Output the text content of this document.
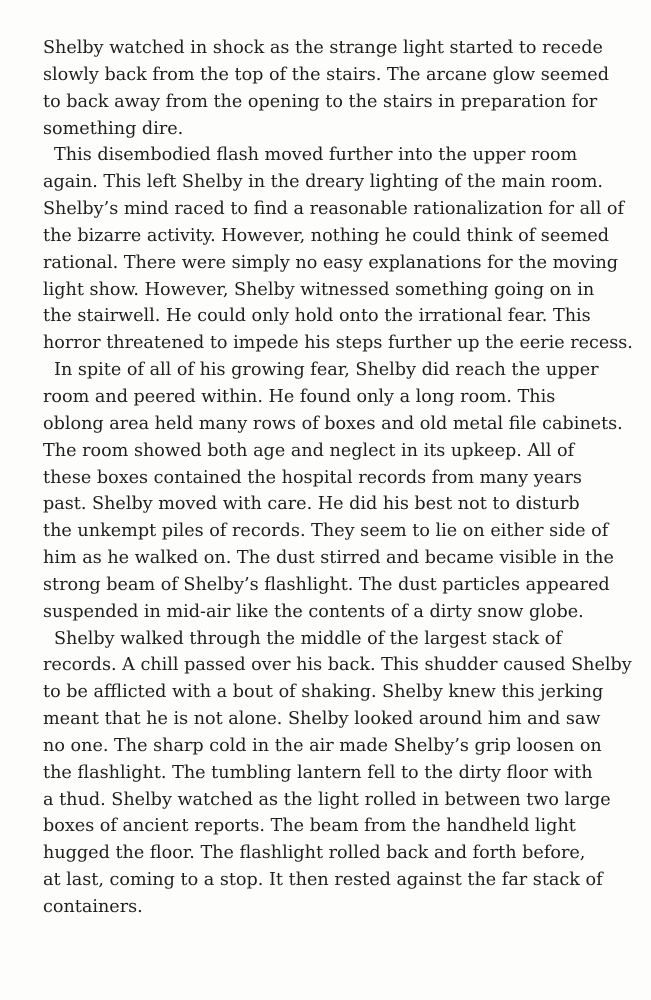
Shelby watched in shock as the strange light started to recede
slowly back from the top of the stairs. The arcane glow seemed
to back away from the opening to the stairs in preparation for
something dire.
This disembodied flash moved further into the upper room
again. This left Shelby in the dreary lighting of the main room.
Shelby’s mind raced to find a reasonable rationalization for all of
the bizarre activity. However, nothing he could think of seemed
rational. There were simply no easy explanations for the moving
light show. However, Shelby witnessed something going on in
the stairwell. He could only hold onto the irrational fear. This
horror threatened to impede his steps further up the eerie recess.
In spite of all of his growing fear, Shelby did reach the upper
room and peered within. He found only a long room. This
oblong area held many rows of boxes and old metal file cabinets.
The room showed both age and neglect in its upkeep. All of
these boxes contained the hospital records from many years
past. Shelby moved with care. He did his best not to disturb
the unkempt piles of records. They seem to lie on either side of
him as he walked on. The dust stirred and became visible in the
strong beam of Shelby’s flashlight. The dust particles appeared
suspended in mid-air like the contents of a dirty snow globe.
Shelby walked through the middle of the largest stack of
records. A chill passed over his back. This shudder caused Shelby
to be afflicted with a bout of shaking. Shelby knew this jerking
meant that he is not alone. Shelby looked around him and saw
no one. The sharp cold in the air made Shelby’s grip loosen on
the flashlight. The tumbling lantern fell to the dirty floor with
a thud. Shelby watched as the light rolled in between two large
boxes of ancient reports. The beam from the handheld light
hugged the floor. The flashlight rolled back and forth before,
at last, coming to a stop. It then rested against the far stack of
containers.
